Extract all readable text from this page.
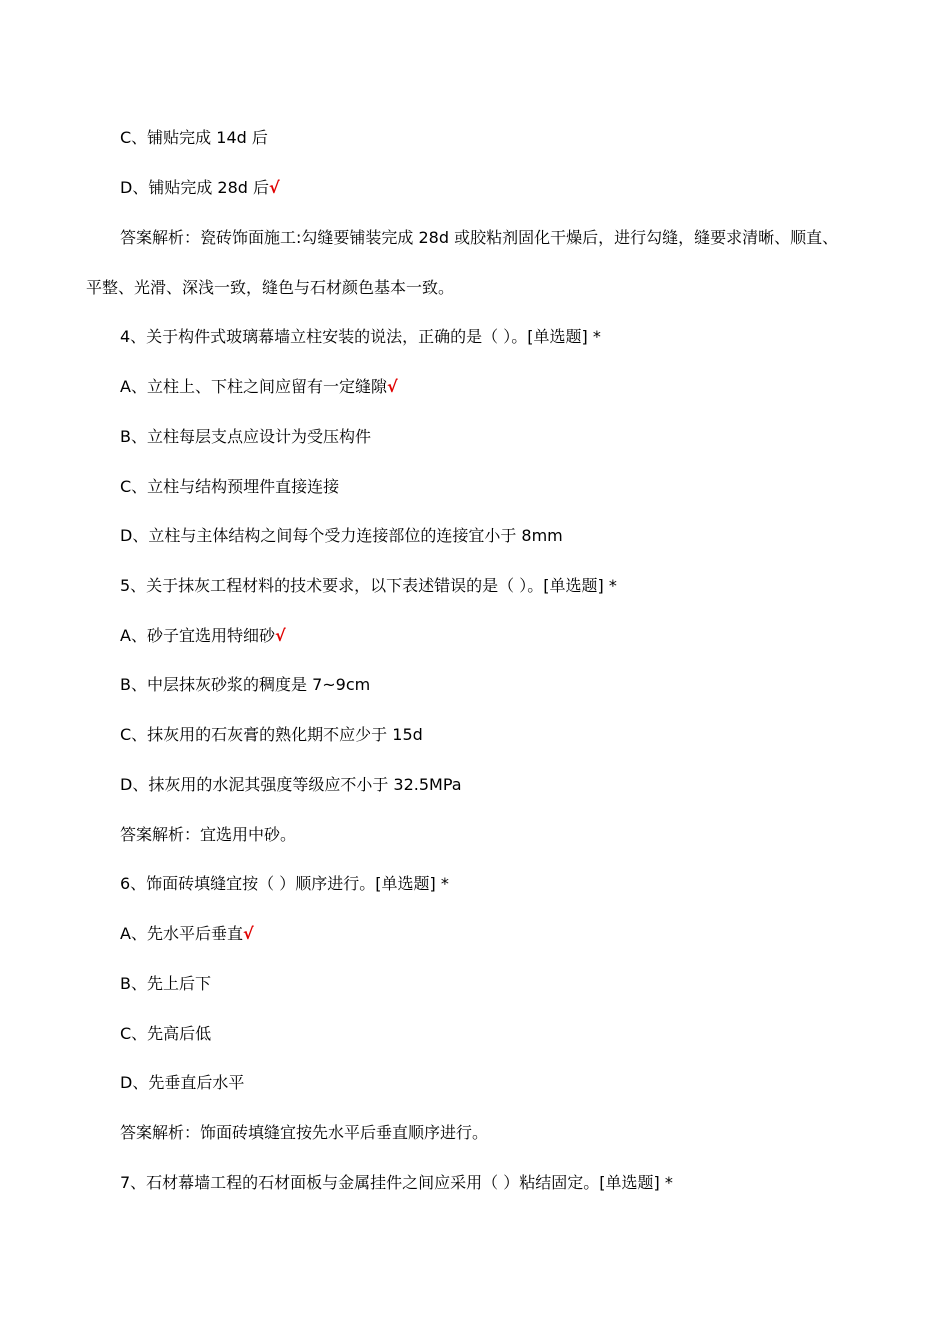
C、铺贴完成 14d 后
D、铺贴完成 28d 后√
答案解析：瓷砖饰面施工:勾缝要铺装完成 28d 或胶粘剂固化干燥后，进行勾缝，缝要求清晰、顺直、
平整、光滑、深浅一致，缝色与石材颜色基本一致。
4、关于构件式玻璃幕墙立柱安装的说法，正确的是（ ）。[单选题] *
A、立柱上、下柱之间应留有一定缝隙√
B、立柱每层支点应设计为受压构件
C、立柱与结构预埋件直接连接
D、立柱与主体结构之间每个受力连接部位的连接宜小于 8mm
5、关于抹灰工程材料的技术要求，以下表述错误的是（ ）。[单选题] *
A、砂子宜选用特细砂√
B、中层抹灰砂浆的稠度是 7~9cm
C、抹灰用的石灰膏的熟化期不应少于 15d
D、抹灰用的水泥其强度等级应不小于 32.5MPa
答案解析：宜选用中砂。
6、饰面砖填缝宜按（ ）顺序进行。[单选题] *
A、先水平后垂直√
B、先上后下
C、先高后低
D、先垂直后水平
答案解析：饰面砖填缝宜按先水平后垂直顺序进行。
7、石材幕墙工程的石材面板与金属挂件之间应采用（ ）粘结固定。[单选题] *
